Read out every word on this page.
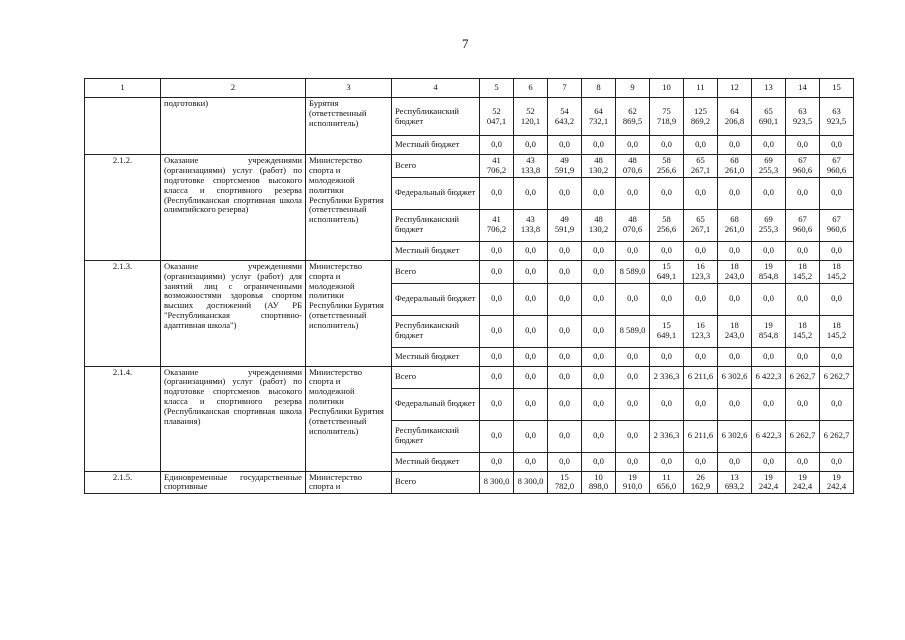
7
1	2	3	4	5	6	7	8	9	10	11	12	13	14	15
	подготовки)	Бурятия (ответственный исполнитель)	Республиканский бюджет	52 047,1	52 120,1	54 643,2	64 732,1	62 869,5	75 718,9	125 869,2	64 206,8	65 690,1	63 923,5	63 923,5
			Местный бюджет	0,0	0,0	0,0	0,0	0,0	0,0	0,0	0,0	0,0	0,0	0,0
2.1.2.	Оказание учреждениями (организациями) услуг (работ) по подготовке спортсменов высокого класса и спортивного резерва (Республиканская спортивная школа олимпийского резерва)	Министерство спорта и молодежной политики Республики Бурятия (ответственный исполнитель)	Всего	41 706,2	43 133,8	49 591,9	48 130,2	48 070,6	58 256,6	65 267,1	68 261,0	69 255,3	67 960,6	67 960,6
			Федеральный бюджет	0,0	0,0	0,0	0,0	0,0	0,0	0,0	0,0	0,0	0,0	0,0
			Республиканский бюджет	41 706,2	43 133,8	49 591,9	48 130,2	48 070,6	58 256,6	65 267,1	68 261,0	69 255,3	67 960,6	67 960,6
			Местный бюджет	0,0	0,0	0,0	0,0	0,0	0,0	0,0	0,0	0,0	0,0	0,0
2.1.3.	Оказание учреждениями (организациями) услуг (работ) для занятий лиц с ограниченными возможностями здоровья спортом высших достижений (АУ РБ "Республиканская спортивно-адаптивная школа")	Министерство спорта и молодежной политики Республики Бурятия (ответственный исполнитель)	Всего	0,0	0,0	0,0	0,0	8 589,0	15 649,1	16 123,3	18 243,0	19 854,8	18 145,2	18 145,2
			Федеральный бюджет	0,0	0,0	0,0	0,0	0,0	0,0	0,0	0,0	0,0	0,0	0,0
			Республиканский бюджет	0,0	0,0	0,0	0,0	8 589,0	15 649,1	16 123,3	18 243,0	19 854,8	18 145,2	18 145,2
			Местный бюджет	0,0	0,0	0,0	0,0	0,0	0,0	0,0	0,0	0,0	0,0	0,0
2.1.4.	Оказание учреждениями (организациями) услуг (работ) по подготовке спортсменов высокого класса и спортивного резерва (Республиканская спортивная школа плавания)	Министерство спорта и молодежной политики Республики Бурятия (ответственный исполнитель)	Всего	0,0	0,0	0,0	0,0	0,0	2 336,3	6 211,6	6 302,6	6 422,3	6 262,7	6 262,7
			Федеральный бюджет	0,0	0,0	0,0	0,0	0,0	0,0	0,0	0,0	0,0	0,0	0,0
			Республиканский бюджет	0,0	0,0	0,0	0,0	0,0	2 336,3	6 211,6	6 302,6	6 422,3	6 262,7	6 262,7
			Местный бюджет	0,0	0,0	0,0	0,0	0,0	0,0	0,0	0,0	0,0	0,0	0,0
2.1.5.	Единовременные государственные спортивные	Министерство спорта и	Всего	8 300,0	8 300,0	15 782,0	10 898,0	19 910,0	11 656,0	26 162,9	13 693,2	19 242,4	19 242,4	19 242,4
